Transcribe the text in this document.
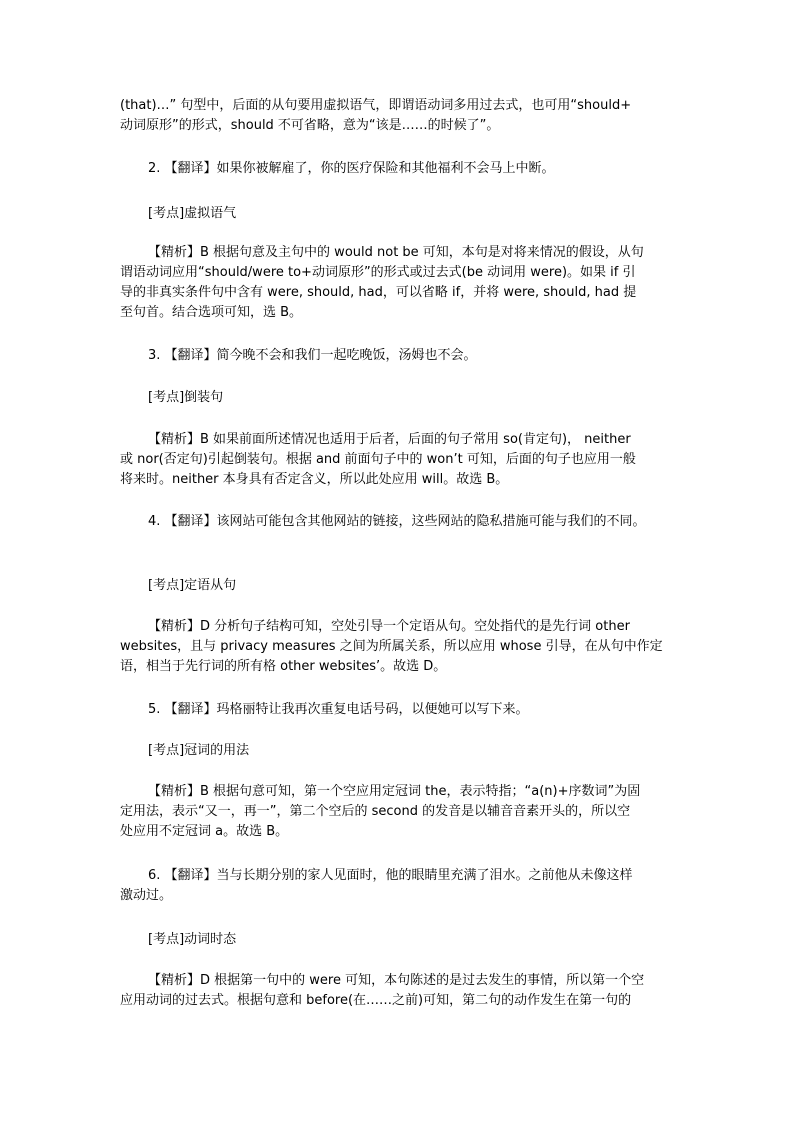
(that)…” 句型中，后面的从句要用虚拟语气，即谓语动词多用过去式，也可用“should+
动词原形”的形式，should 不可省略，意为“该是……的时候了”。
2. 【翻译】如果你被解雇了，你的医疗保险和其他福利不会马上中断。
[考点]虚拟语气
【精析】B 根据句意及主句中的 would not be 可知，本句是对将来情况的假设，从句
谓语动词应用“should/were to+动词原形”的形式或过去式(be 动词用 were)。如果 if 引
导的非真实条件句中含有 were, should, had，可以省略 if，并将 were, should, had 提
至句首。结合选项可知，选 B。
3. 【翻译】简今晚不会和我们一起吃晚饭，汤姆也不会。
[考点]倒装句
【精析】B 如果前面所述情况也适用于后者，后面的句子常用 so(肯定句)， neither
或 nor(否定句)引起倒装句。根据 and 前面句子中的 won’t 可知，后面的句子也应用一般
将来时。neither 本身具有否定含义，所以此处应用 will。故选 B。
4. 【翻译】该网站可能包含其他网站的链接，这些网站的隐私措施可能与我们的不同。
[考点]定语从句
【精析】D 分析句子结构可知，空处引导一个定语从句。空处指代的是先行词 other
websites，且与 privacy measures 之间为所属关系，所以应用 whose 引导，在从句中作定
语，相当于先行词的所有格 other websites’。故选 D。
5. 【翻译】玛格丽特让我再次重复电话号码，以便她可以写下来。
[考点]冠词的用法
【精析】B 根据句意可知，第一个空应用定冠词 the，表示特指；“a(n)+序数词”为固
定用法，表示“又一，再一”，第二个空后的 second 的发音是以辅音音素开头的，所以空
处应用不定冠词 a。故选 B。
6. 【翻译】当与长期分别的家人见面时，他的眼睛里充满了泪水。之前他从未像这样
激动过。
[考点]动词时态
【精析】D 根据第一句中的 were 可知，本句陈述的是过去发生的事情，所以第一个空
应用动词的过去式。根据句意和 before(在……之前)可知，第二句的动作发生在第一句的
